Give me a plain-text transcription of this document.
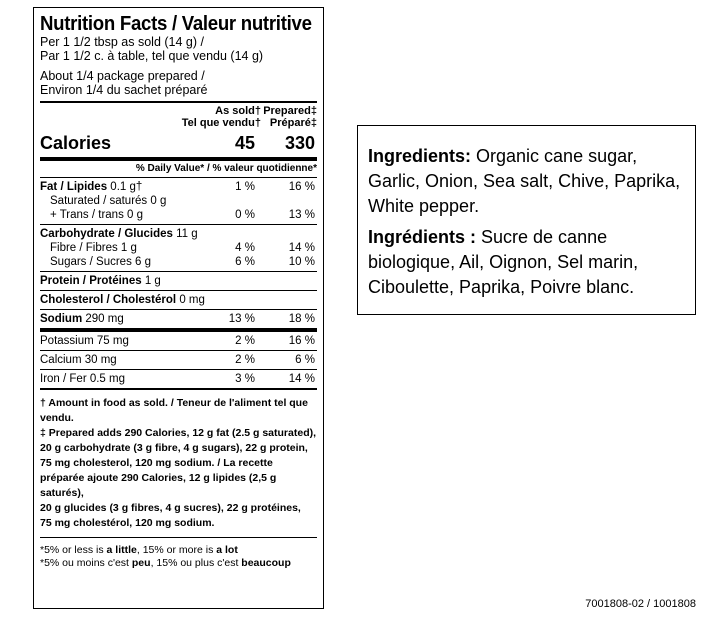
Nutrition Facts / Valeur nutritive
Per 1 1/2 tbsp as sold (14 g) /
Par 1 1/2 c. à table, tel que vendu (14 g)
About 1/4 package prepared /
Environ 1/4 du sachet préparé
As sold†
Tel que vendu†
Prepared‡
Préparé‡
Calories	45 330
% Daily Value* / % valeur quotidienne*
Fat / Lipides 0.1 g†	1 %	16 %
Saturated / saturés 0 g
+ Trans / trans 0 g	0 %	13 %
Carbohydrate / Glucides 11 g
Fibre / Fibres 1 g	4 %	14 %
Sugars / Sucres 6 g	6 %	10 %
Protein / Protéines 1 g
Cholesterol / Cholestérol 0 mg
Sodium 290 mg	13 %	18 %
Potassium 75 mg	2 %	16 %
Calcium 30 mg	2 %	6 %
Iron / Fer 0.5 mg	3 %	14 %
† Amount in food as sold. / Teneur de l'aliment tel que vendu.
‡ Prepared adds 290 Calories, 12 g fat (2.5 g saturated),
20 g carbohydrate (3 g fibre, 4 g sugars), 22 g protein,
75 mg cholesterol, 120 mg sodium. / La recette
préparée ajoute 290 Calories, 12 g lipides (2,5 g saturés),
20 g glucides (3 g fibres, 4 g sucres), 22 g protéines,
75 mg cholestérol, 120 mg sodium.
*5% or less is a little, 15% or more is a lot
*5% ou moins c'est peu, 15% ou plus c'est beaucoup
Ingredients: Organic cane sugar, Garlic, Onion, Sea salt, Chive, Paprika, White pepper.
Ingrédients : Sucre de canne biologique, Ail, Oignon, Sel marin, Ciboulette, Paprika, Poivre blanc.
7001808-02 / 1001808
